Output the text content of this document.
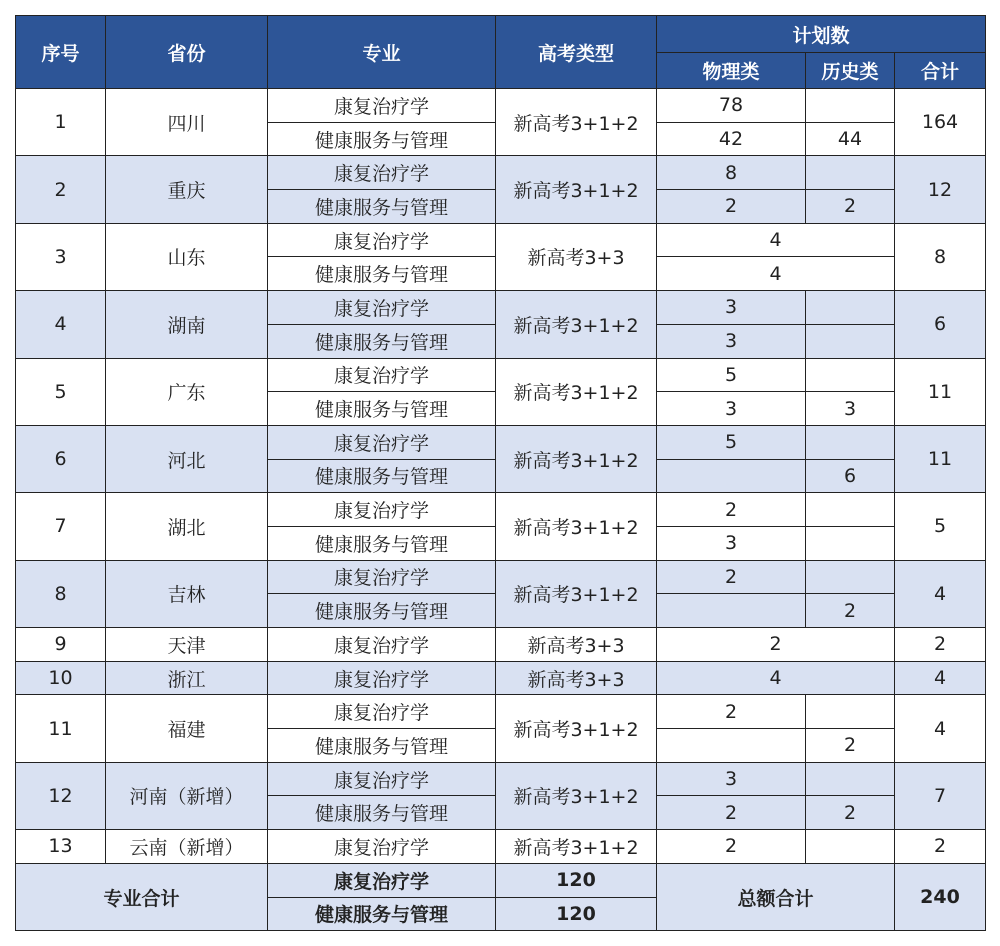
序号	省份	专业	高考类型	计划数		
				物理类	历史类	合计
1	四川	康复治疗学	新高考3+1+2	78		164
		健康服务与管理		42	44	
2	重庆	康复治疗学	新高考3+1+2	8		12
		健康服务与管理		2	2	
3	山东	康复治疗学	新高考3+3	4		8
		健康服务与管理		4		
4	湖南	康复治疗学	新高考3+1+2	3		6
		健康服务与管理		3		
5	广东	康复治疗学	新高考3+1+2	5		11
		健康服务与管理		3	3	
6	河北	康复治疗学	新高考3+1+2	5		11
		健康服务与管理			6	
7	湖北	康复治疗学	新高考3+1+2	2		5
		健康服务与管理		3		
8	吉林	康复治疗学	新高考3+1+2	2		4
		健康服务与管理			2	
9	天津	康复治疗学	新高考3+3	2		2
10	浙江	康复治疗学	新高考3+3	4		4
11	福建	康复治疗学	新高考3+1+2	2		4
		健康服务与管理			2	
12	河南（新增）	康复治疗学	新高考3+1+2	3		7
		健康服务与管理		2	2	
13	云南（新增）	康复治疗学	新高考3+1+2	2		2
专业合计		康复治疗学	120	总额合计		240
		健康服务与管理	120			
